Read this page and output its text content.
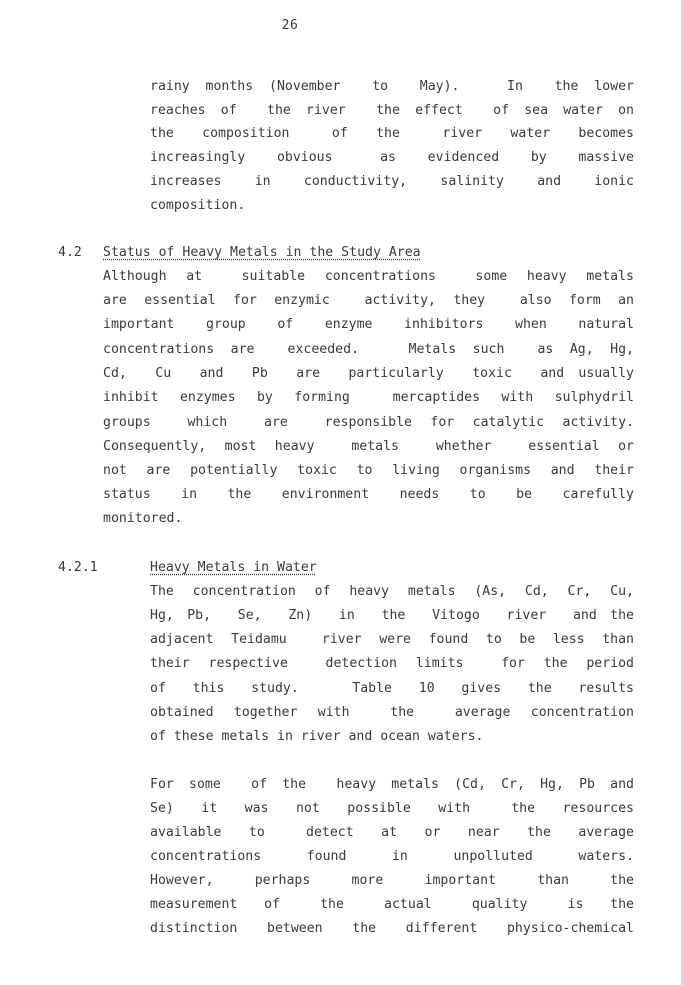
26
rainy months (November  to  May).   In  the lower
reaches of  the river  the effect  of sea water on
the  composition   of  the   river  water  becomes
increasingly  obvious   as  evidenced  by  massive
increases  in  conductivity,  salinity  and  ionic
composition.
4.2 Status of Heavy Metals in the Study Area
Although at  suitable concentrations  some heavy metals
are essential for enzymic  activity, they  also form an
important  group  of  enzyme  inhibitors  when  natural
concentrations are  exceeded.   Metals such  as Ag, Hg,
Cd,  Cu  and  Pb  are  particularly  toxic  and usually
inhibit enzymes by forming  mercaptides with sulphydril
groups  which  are  responsible for catalytic activity.
Consequently, most heavy  metals  whether  essential or
not are potentially toxic to living organisms and their
status  in  the  environment  needs  to  be  carefully
monitored.
4.2.1	Heavy Metals in Water
The concentration of heavy metals (As, Cd, Cr, Cu,
Hg, Pb,  Se,  Zn)  in  the  Vitogo  river  and the
adjacent Teidamu  river were found to be less than
their respective  detection limits  for the period
of  this  study.    Table  10  gives  the  results
obtained together with  the  average concentration
of these metals in river and ocean waters.
For some  of the  heavy metals (Cd, Cr, Hg, Pb and
Se)  it  was  not  possible  with   the  resources
available  to   detect  at  or  near  the  average
concentrations   found   in   unpolluted   waters.
However,   perhaps   more   important   than   the
measurement  of   the   actual   quality   is  the
distinction between the different physico-chemical
